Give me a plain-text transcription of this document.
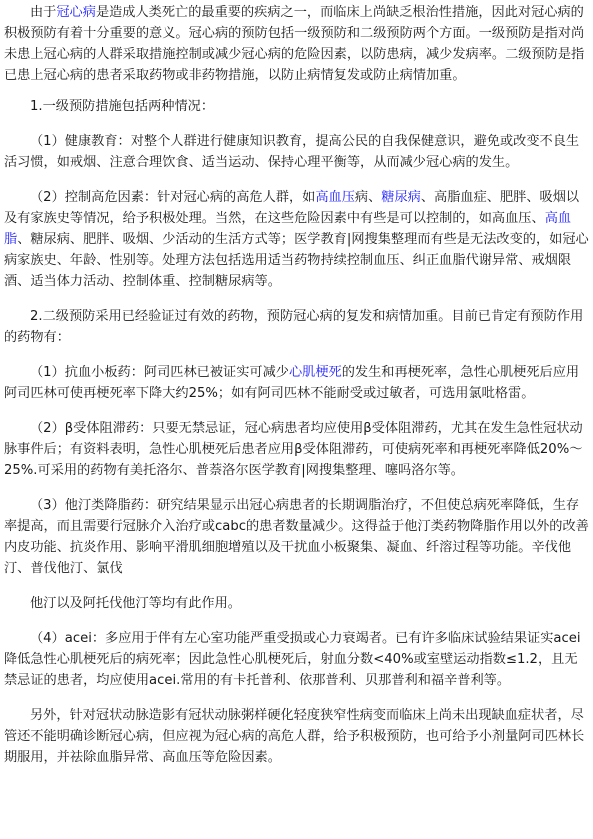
由于冠心病是造成人类死亡的最重要的疾病之一，而临床上尚缺乏根治性措施，因此对冠心病的积极预防有着十分重要的意义。冠心病的预防包括一级预防和二级预防两个方面。一级预防是指对尚未患上冠心病的人群采取措施控制或减少冠心病的危险因素，以防患病，减少发病率。二级预防是指已患上冠心病的患者采取药物或非药物措施，以防止病情复发或防止病情加重。

1.一级预防措施包括两种情况：

（1）健康教育：对整个人群进行健康知识教育，提高公民的自我保健意识，避免或改变不良生活习惯，如戒烟、注意合理饮食、适当运动、保持心理平衡等，从而减少冠心病的发生。

（2）控制高危因素：针对冠心病的高危人群，如高血压病、糖尿病、高脂血症、肥胖、吸烟以及有家族史等情况，给予积极处理。当然，在这些危险因素中有些是可以控制的，如高血压、高血脂、糖尿病、肥胖、吸烟、少活动的生活方式等；医学教育|网搜集整理而有些是无法改变的，如冠心病家族史、年龄、性别等。处理方法包括选用适当药物持续控制血压、纠正血脂代谢异常、戒烟限酒、适当体力活动、控制体重、控制糖尿病等。

2.二级预防采用已经验证过有效的药物，预防冠心病的复发和病情加重。目前已肯定有预防作用的药物有：

（1）抗血小板药：阿司匹林已被证实可减少心肌梗死的发生和再梗死率，急性心肌梗死后应用阿司匹林可使再梗死率下降大约25%；如有阿司匹林不能耐受或过敏者，可选用氯吡格雷。

（2）β受体阻滞药：只要无禁忌证，冠心病患者均应使用β受体阻滞药，尤其在发生急性冠状动脉事件后；有资料表明，急性心肌梗死后患者应用β受体阻滞药，可使病死率和再梗死率降低20%～25%.可采用的药物有美托洛尔、普萘洛尔医学教育|网搜集整理、噻吗洛尔等。

（3）他汀类降脂药：研究结果显示出冠心病患者的长期调脂治疗，不但使总病死率降低，生存率提高，而且需要行冠脉介入治疗或cabc的患者数量减少。这得益于他汀类药物降脂作用以外的改善内皮功能、抗炎作用、影响平滑肌细胞增殖以及干扰血小板聚集、凝血、纤溶过程等功能。辛伐他汀、普伐他汀、氯伐

他汀以及阿托伐他汀等均有此作用。

（4）acei：多应用于伴有左心室功能严重受损或心力衰竭者。已有许多临床试验结果证实acei降低急性心肌梗死后的病死率；因此急性心肌梗死后，射血分数<40%或室壁运动指数≤1.2，且无禁忌证的患者，均应使用acei.常用的有卡托普利、依那普利、贝那普利和福辛普利等。

另外，针对冠状动脉造影有冠状动脉粥样硬化轻度狭窄性病变而临床上尚未出现缺血症状者，尽管还不能明确诊断冠心病，但应视为冠心病的高危人群，给予积极预防，也可给予小剂量阿司匹林长期服用，并祛除血脂异常、高血压等危险因素。
